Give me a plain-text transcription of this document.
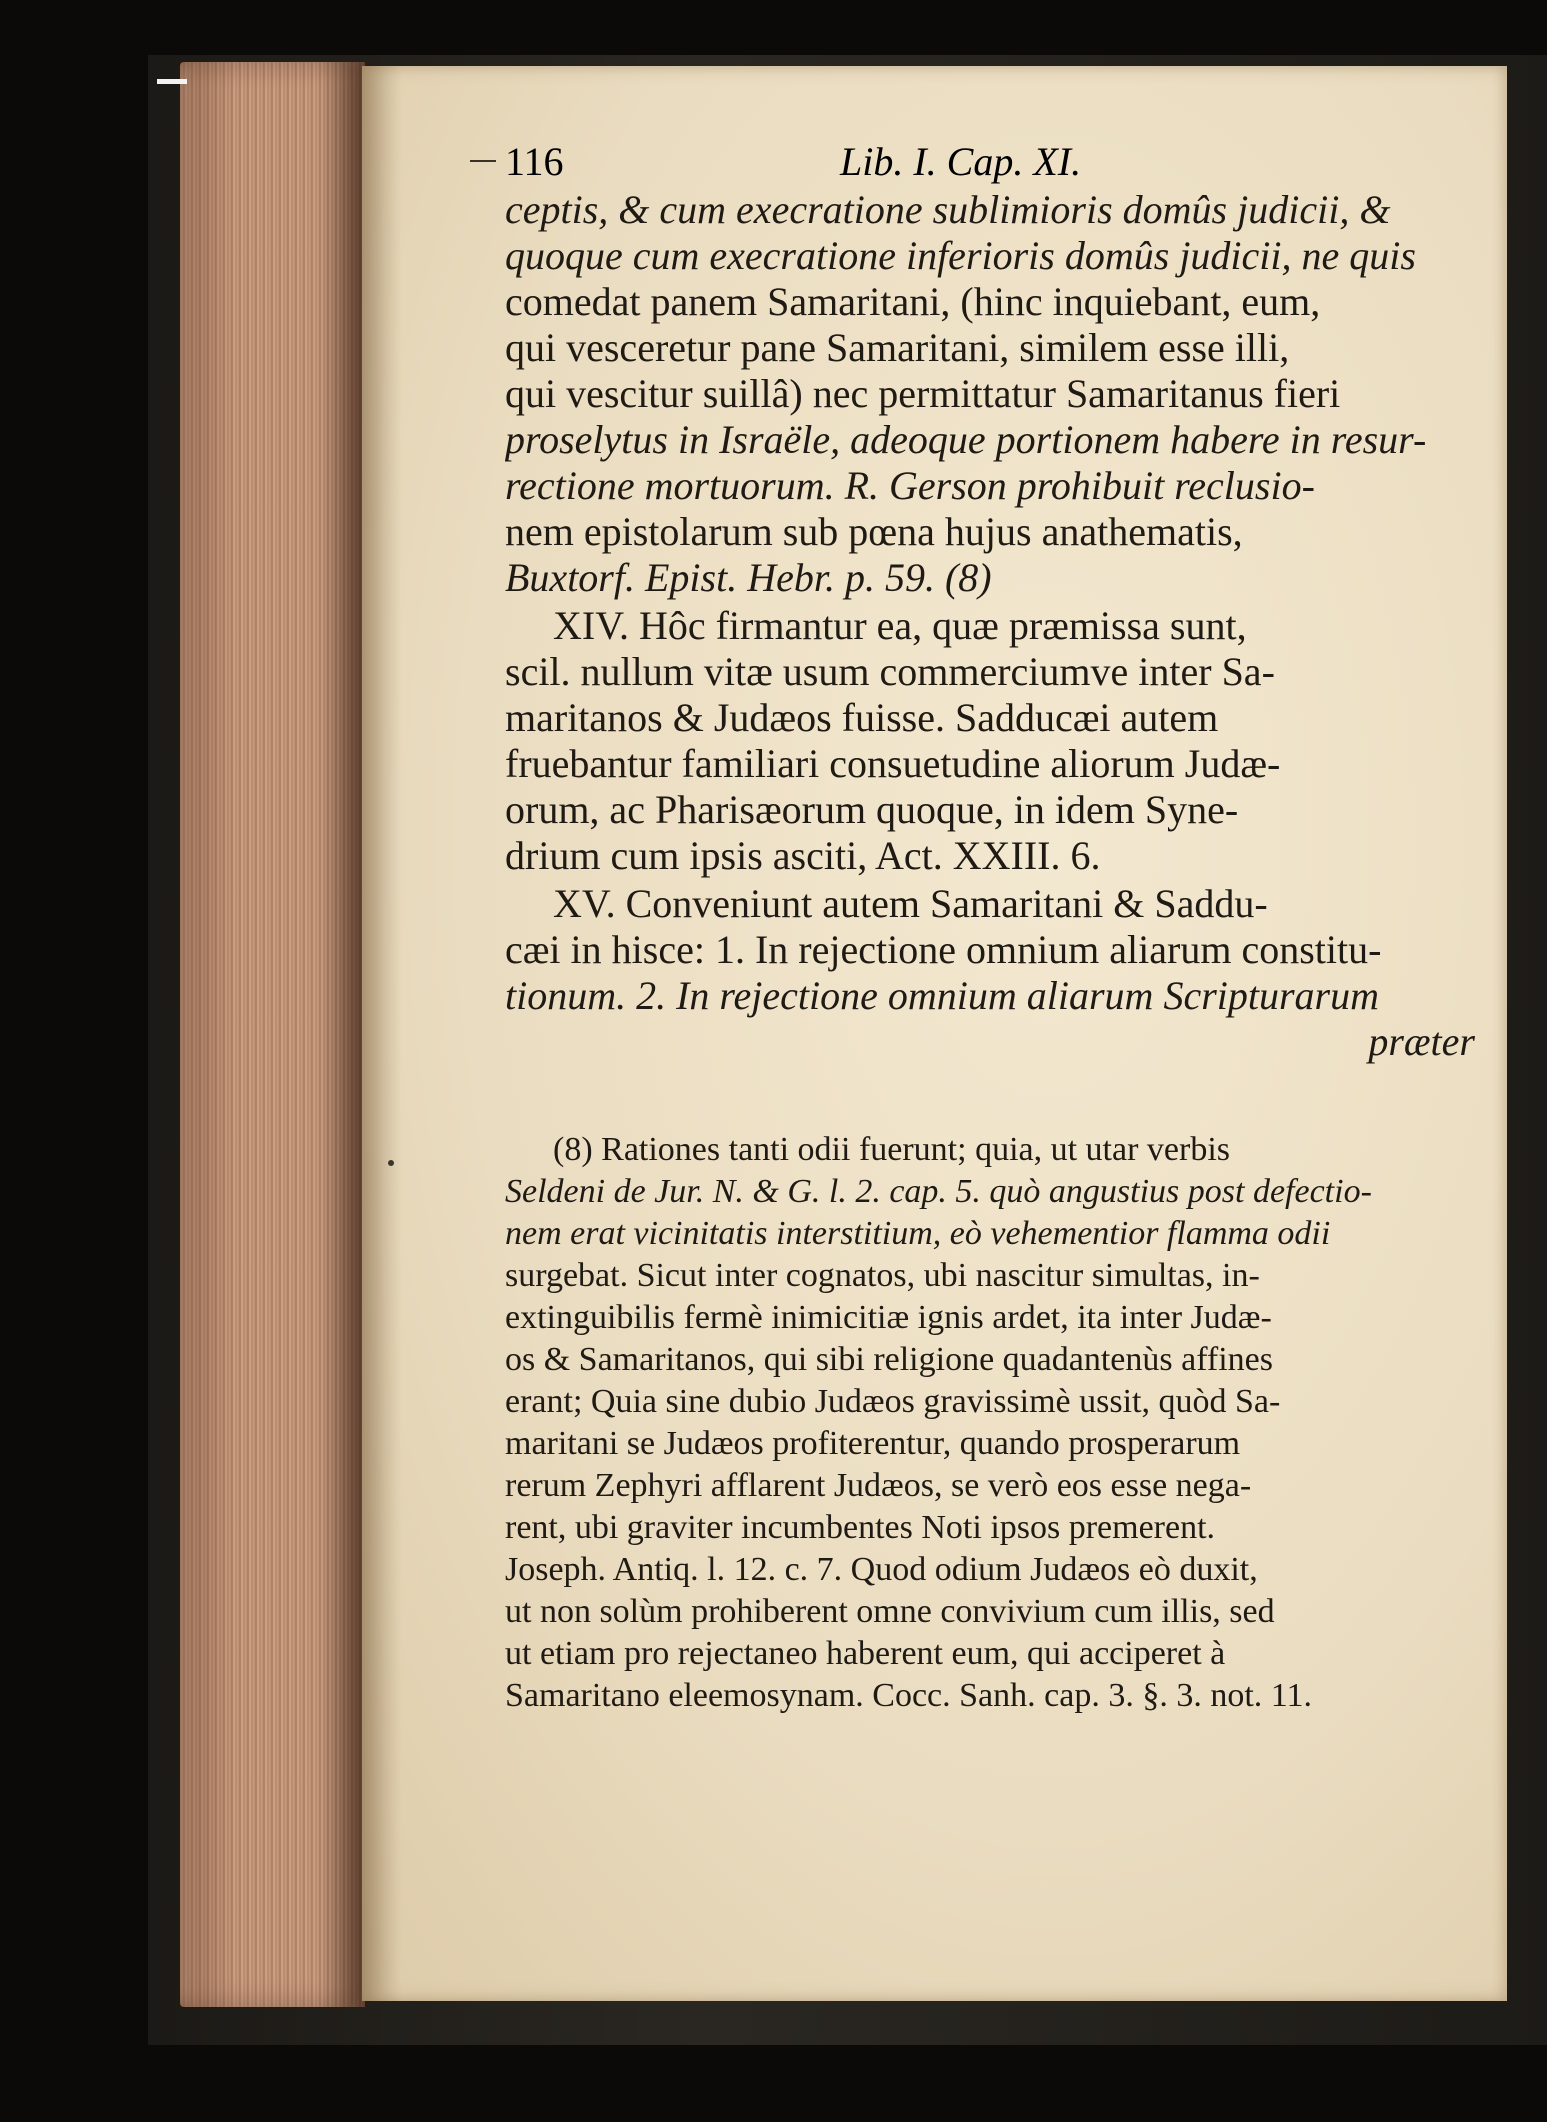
116	Lib. I. Cap. XI.
ceptis, & cum execratione sublimioris domûs judicii, &
quoque cum execratione inferioris domûs judicii, ne quis
comedat panem Samaritani, (hinc inquiebant, eum,
qui vesceretur pane Samaritani, similem esse illi,
qui vescitur suillâ) nec permittatur Samaritanus fieri
proselytus in Israële, adeoque portionem habere in resur-
rectione mortuorum. R. Gerson prohibuit reclusio-
nem epistolarum sub pœna hujus anathematis,
Buxtorf. Epist. Hebr. p. 59. (8)
XIV. Hôc firmantur ea, quæ præmissa sunt,
scil. nullum vitæ usum commerciumve inter Sa-
maritanos & Judæos fuisse. Sadducæi autem
fruebantur familiari consuetudine aliorum Judæ-
orum, ac Pharisæorum quoque, in idem Syne-
drium cum ipsis asciti, Act. XXIII. 6.
XV. Conveniunt autem Samaritani & Saddu-
cæi in hisce: 1. In rejectione omnium aliarum constitu-
tionum. 2. In rejectione omnium aliarum Scripturarum
præter
(8) Rationes tanti odii fuerunt; quia, ut utar verbis
Seldeni de Jur. N. & G. l. 2. cap. 5. quò angustius post defectio-
nem erat vicinitatis interstitium, eò vehementior flamma odii
surgebat. Sicut inter cognatos, ubi nascitur simultas, in-
extinguibilis fermè inimicitiæ ignis ardet, ita inter Judæ-
os & Samaritanos, qui sibi religione quadantenùs affines
erant; Quia sine dubio Judæos gravissimè ussit, quòd Sa-
maritani se Judæos profiterentur, quando prosperarum
rerum Zephyri afflarent Judæos, se verò eos esse nega-
rent, ubi graviter incumbentes Noti ipsos premerent.
Joseph. Antiq. l. 12. c. 7. Quod odium Judæos eò duxit,
ut non solùm prohiberent omne convivium cum illis, sed
ut etiam pro rejectaneo haberent eum, qui acciperet à
Samaritano eleemosynam. Cocc. Sanh. cap. 3. §. 3. not. 11.
